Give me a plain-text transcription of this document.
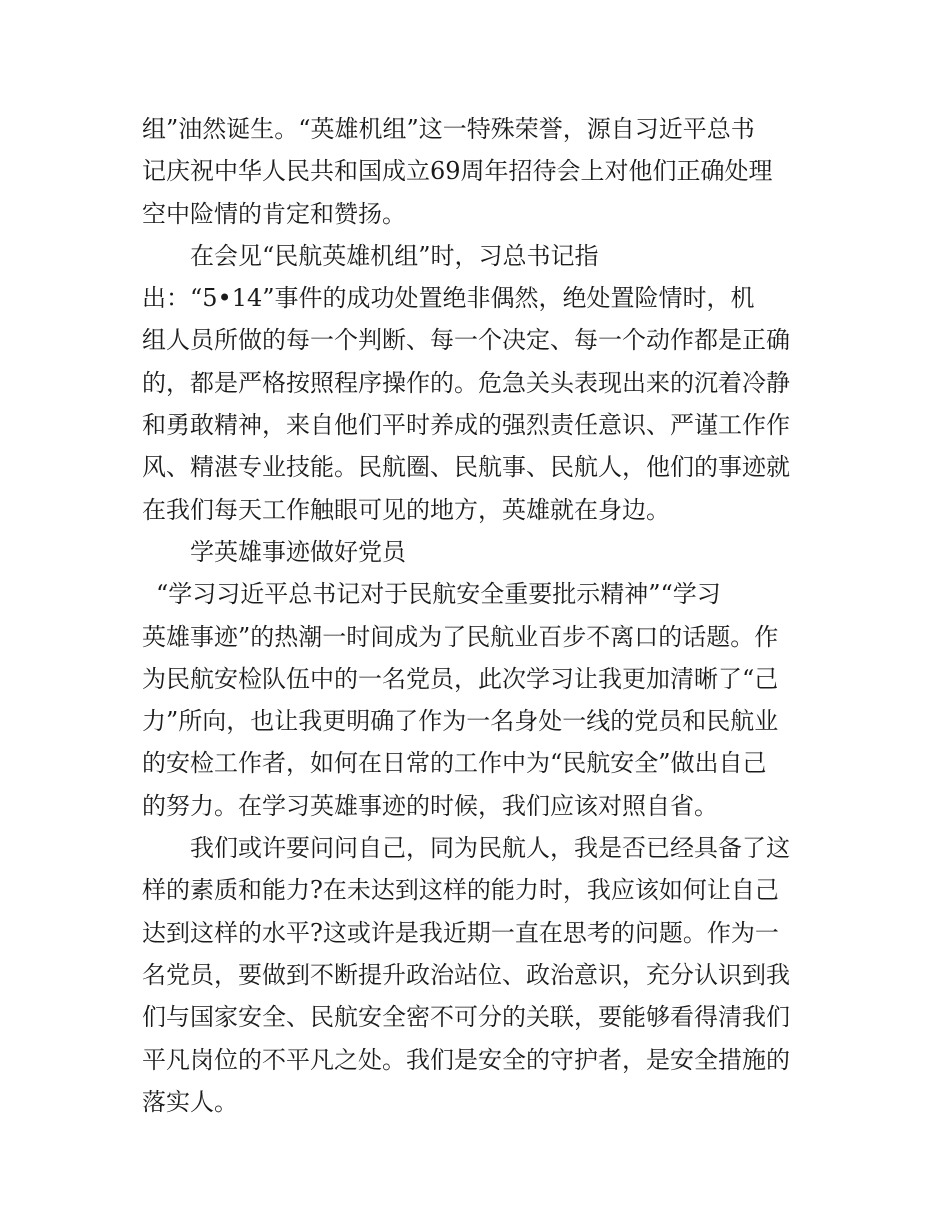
组”油然诞生。“英雄机组”这一特殊荣誉，源自习近平总书
记庆祝中华人民共和国成立69周年招待会上对他们正确处理
空中险情的肯定和赞扬。
在会见“民航英雄机组”时，习总书记指
出：“5•14”事件的成功处置绝非偶然，绝处置险情时，机
组人员所做的每一个判断、每一个决定、每一个动作都是正确
的，都是严格按照程序操作的。危急关头表现出来的沉着冷静
和勇敢精神，来自他们平时养成的强烈责任意识、严谨工作作
风、精湛专业技能。民航圈、民航事、民航人，他们的事迹就
在我们每天工作触眼可见的地方，英雄就在身边。
学英雄事迹做好党员
“学习习近平总书记对于民航安全重要批示精神”“学习
英雄事迹”的热潮一时间成为了民航业百步不离口的话题。作
为民航安检队伍中的一名党员，此次学习让我更加清晰了“己
力”所向，也让我更明确了作为一名身处一线的党员和民航业
的安检工作者，如何在日常的工作中为“民航安全”做出自己
的努力。在学习英雄事迹的时候，我们应该对照自省。
我们或许要问问自己，同为民航人，我是否已经具备了这
样的素质和能力?在未达到这样的能力时，我应该如何让自己
达到这样的水平?这或许是我近期一直在思考的问题。作为一
名党员，要做到不断提升政治站位、政治意识，充分认识到我
们与国家安全、民航安全密不可分的关联，要能够看得清我们
平凡岗位的不平凡之处。我们是安全的守护者，是安全措施的
落实人。
